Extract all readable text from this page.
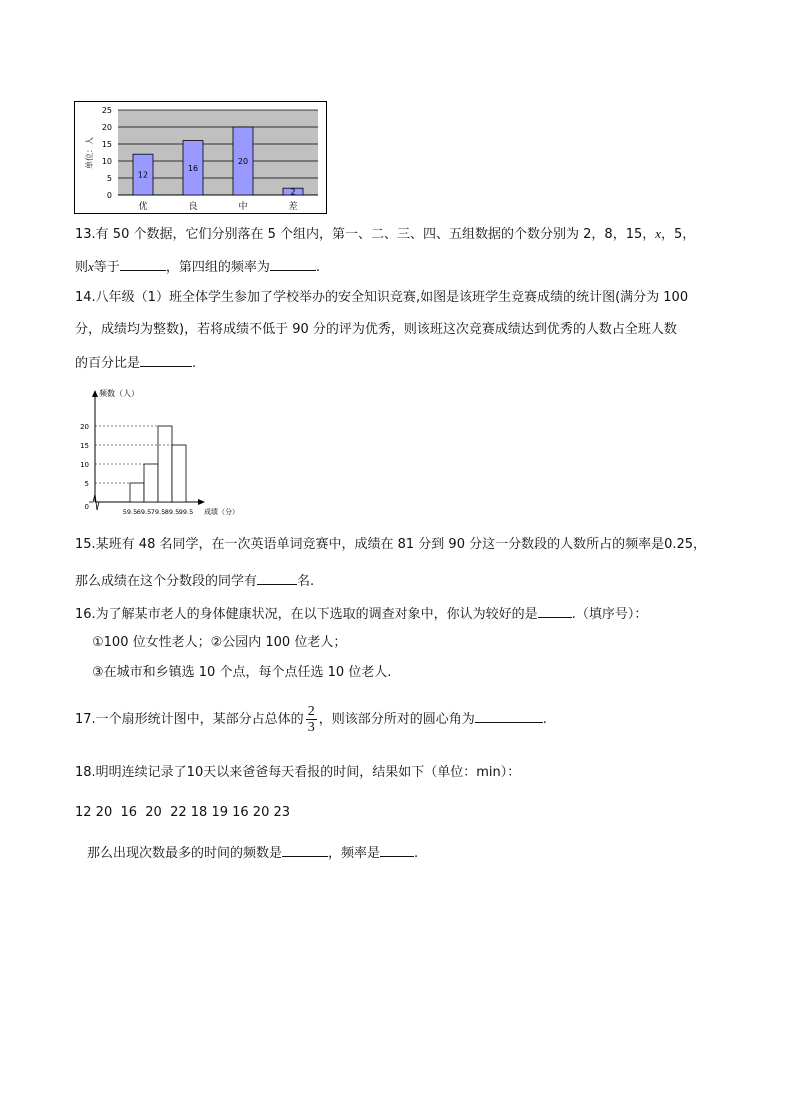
0
5
10
15
20
25
12
优
16
良
20
中
2
差
单位：人
13.有 50 个数据，它们分别落在 5 个组内，第一、二、三、四、五组数据的个数分别为 2，8，15，x，5，
则x等于	，第四组的频率为	.
14.八年级（1）班全体学生参加了学校举办的安全知识竞赛,如图是该班学生竞赛成绩的统计图(满分为 100
分，成绩均为整数)，若将成绩不低于 90 分的评为优秀，则该班这次竞赛成绩达到优秀的人数占全班人数
的百分比是	.
频数（人）
成绩（分）
0
5
10
15
20
59.5 69.5 79.5 89.5 99.5
15.某班有 48 名同学，在一次英语单词竞赛中，成绩在 81 分到 90 分这一分数段的人数所占的频率是0.25，
那么成绩在这个分数段的同学有	名.
16.为了解某市老人的身体健康状况，在以下选取的调查对象中，你认为较好的是	.（填序号）：
①100 位女性老人；②公园内 100 位老人；
③在城市和乡镇选 10 个点，每个点任选 10 位老人.
17.一个扇形统计图中，某部分占总体的 $\frac{2}{3}$ ，则该部分所对的圆心角为	.
18.明明连续记录了10天以来爸爸每天看报的时间，结果如下（单位：min）：
12 20  16  20  22 18 19 16 20 23
那么出现次数最多的时间的频数是	，频率是	.
